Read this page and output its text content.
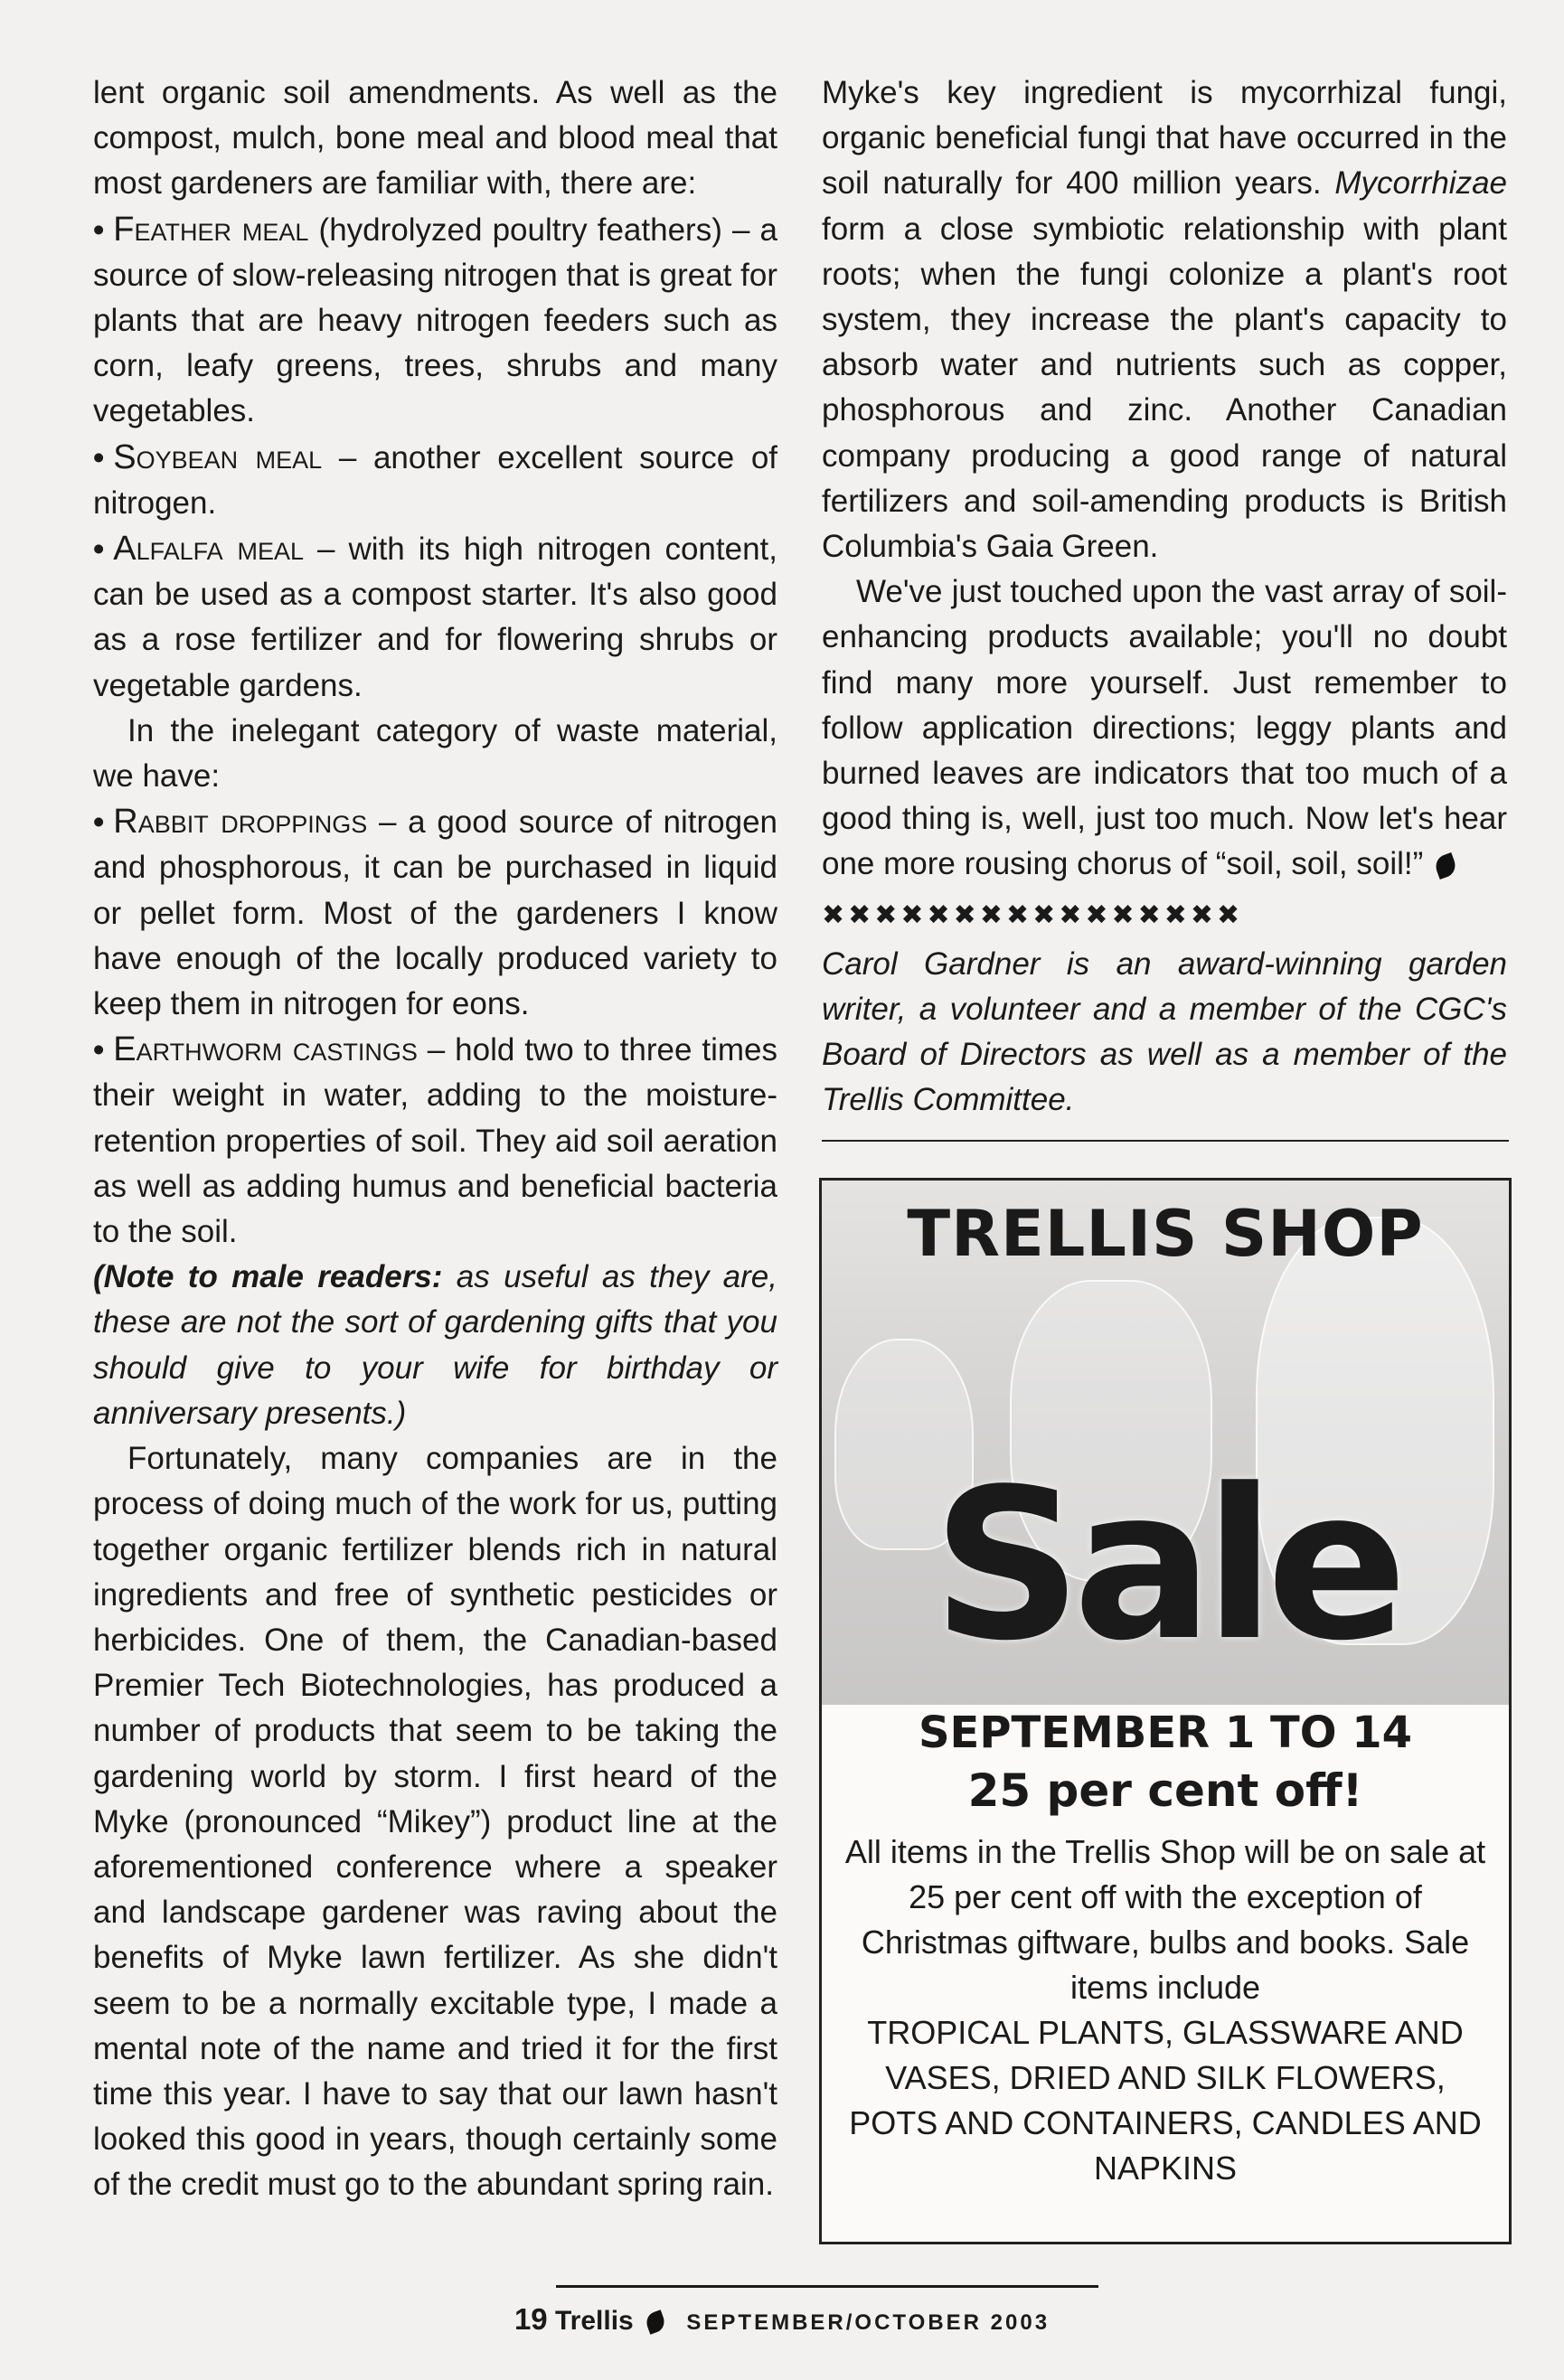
lent organic soil amendments. As well as the compost, mulch, bone meal and blood meal that most gardeners are familiar with, there are:

• Feather meal (hydrolyzed poultry feathers) – a source of slow-releasing nitrogen that is great for plants that are heavy nitrogen feeders such as corn, leafy greens, trees, shrubs and many vegetables.

• Soybean meal – another excellent source of nitrogen.

• Alfalfa meal – with its high nitrogen content, can be used as a compost starter. It's also good as a rose fertilizer and for flowering shrubs or vegetable gardens.

In the inelegant category of waste material, we have:

• Rabbit droppings – a good source of nitrogen and phosphorous, it can be purchased in liquid or pellet form. Most of the gardeners I know have enough of the locally produced variety to keep them in nitrogen for eons.

• Earthworm castings – hold two to three times their weight in water, adding to the moisture-retention properties of soil. They aid soil aeration as well as adding humus and beneficial bacteria to the soil.

(Note to male readers: as useful as they are, these are not the sort of gardening gifts that you should give to your wife for birthday or anniversary presents.)

Fortunately, many companies are in the process of doing much of the work for us, putting together organic fertilizer blends rich in natural ingredients and free of synthetic pesticides or herbicides. One of them, the Canadian-based Premier Tech Biotechnologies, has produced a number of products that seem to be taking the gardening world by storm. I first heard of the Myke (pronounced “Mikey”) product line at the aforementioned conference where a speaker and landscape gardener was raving about the benefits of Myke lawn fertilizer. As she didn't seem to be a normally excitable type, I made a mental note of the name and tried it for the first time this year. I have to say that our lawn hasn't looked this good in years, though certainly some of the credit must go to the abundant spring rain.

Myke's key ingredient is mycorrhizal fungi, organic beneficial fungi that have occurred in the soil naturally for 400 million years. Mycorrhizae form a close symbiotic relationship with plant roots; when the fungi colonize a plant's root system, they increase the plant's capacity to absorb water and nutrients such as copper, phosphorous and zinc. Another Canadian company producing a good range of natural fertilizers and soil-amending products is British Columbia's Gaia Green.

We've just touched upon the vast array of soil-enhancing products available; you'll no doubt find many more yourself. Just remember to follow application directions; leggy plants and burned leaves are indicators that too much of a good thing is, well, just too much. Now let's hear one more rousing chorus of “soil, soil, soil!”

✖✖✖✖✖✖✖✖✖✖✖✖✖✖✖✖

Carol Gardner is an award-winning garden writer, a volunteer and a member of the CGC's Board of Directors as well as a member of the Trellis Committee.

TRELLIS SHOP
Sale
SEPTEMBER 1 TO 14
25 per cent off!
All items in the Trellis Shop will be on sale at 25 per cent off with the exception of Christmas giftware, bulbs and books. Sale items include
TROPICAL PLANTS, GLASSWARE AND VASES, DRIED AND SILK FLOWERS, POTS AND CONTAINERS, CANDLES AND NAPKINS
19 Trellis SEPTEMBER/OCTOBER 2003
